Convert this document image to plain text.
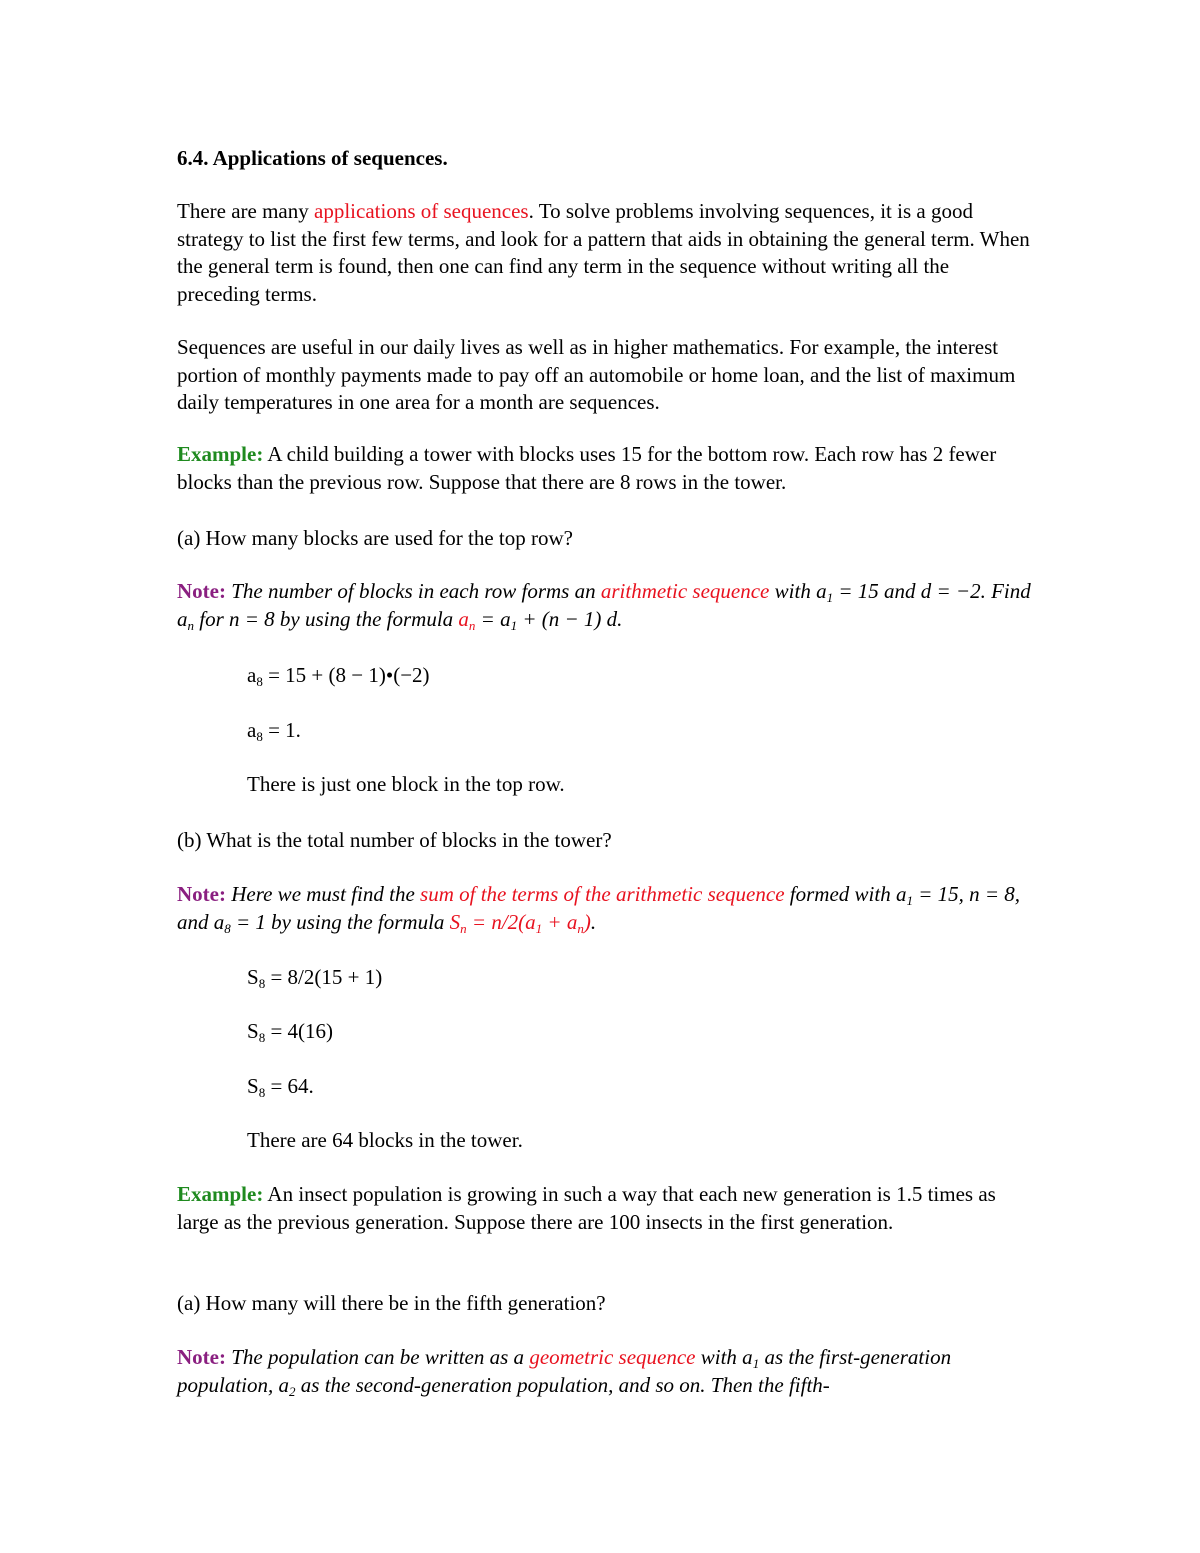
6.4. Applications of sequences.
There are many applications of sequences. To solve problems involving sequences, it is a good strategy to list the first few terms, and look for a pattern that aids in obtaining the general term. When the general term is found, then one can find any term in the sequence without writing all the preceding terms.
Sequences are useful in our daily lives as well as in higher mathematics. For example, the interest portion of monthly payments made to pay off an automobile or home loan, and the list of maximum daily temperatures in one area for a month are sequences.
Example: A child building a tower with blocks uses 15 for the bottom row. Each row has 2 fewer blocks than the previous row. Suppose that there are 8 rows in the tower.
(a) How many blocks are used for the top row?
Note: The number of blocks in each row forms an arithmetic sequence with $a_1 = 15$ and d = −2. Find $a_n$ for n = 8 by using the formula $a_n = a_1 + (n - 1)$ d.
$a_8 = 15 + (8$ − 1)•(−2)
$a_8 = 1$.
There is just one block in the top row.
(b) What is the total number of blocks in the tower?
Note: Here we must find the sum of the terms of the arithmetic sequence formed with $a_1 = 15$, n = 8, and $a_8 = 1$ by using the formula $S_n = n/2(a_1 + a_n)$.
$S_8 = 8/2(15 + 1)$
$S_8 = 4(16)$
$S_8 = 64$.
There are 64 blocks in the tower.
Example: An insect population is growing in such a way that each new generation is 1.5 times as large as the previous generation. Suppose there are 100 insects in the first generation.
(a) How many will there be in the fifth generation?
Note: The population can be written as a geometric sequence with $a_1$ as the first-generation population, $a_2$ as the second-generation population, and so on. Then the fifth-
